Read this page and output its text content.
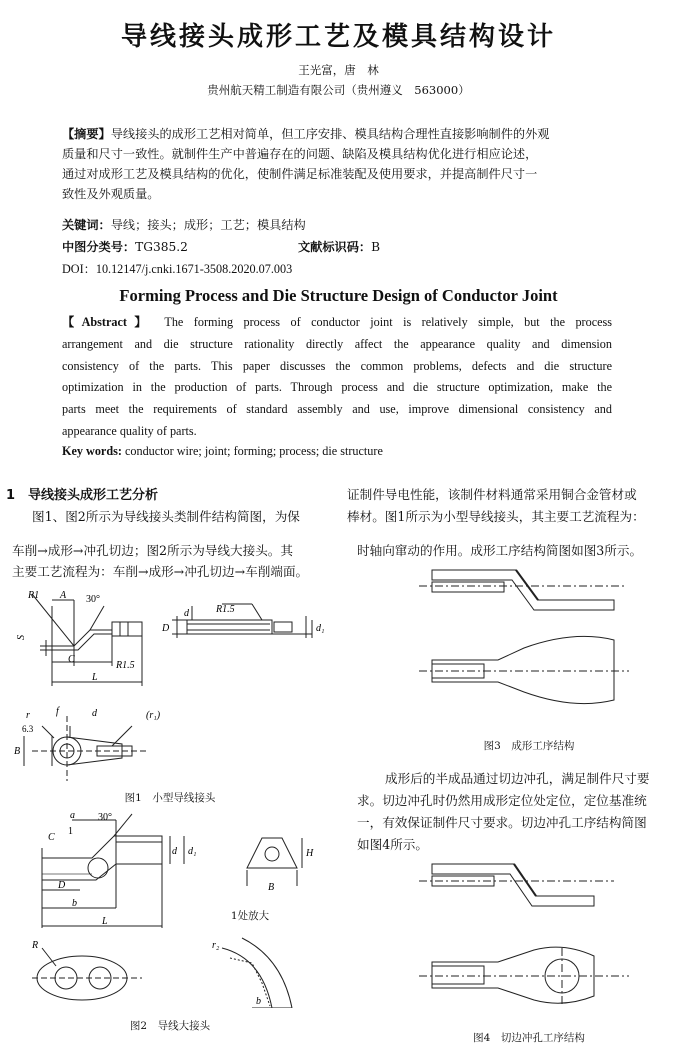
导线接头成形工艺及模具结构设计
王光富，唐　林
贵州航天精工制造有限公司（贵州遵义　563000）
【摘要】导线接头的成形工艺相对简单，但工序安排、模具结构合理性直接影响制件的外观
质量和尺寸一致性。就制件生产中普遍存在的问题、缺陷及模具结构优化进行相应论述，
通过对成形工艺及模具结构的优化，使制件满足标准装配及使用要求，并提高制件尺寸一
致性及外观质量。
关键词：导线；接头；成形；工艺；模具结构
中图分类号：TG385.2	文献标识码：B
DOI：10.12147/j.cnki.1671-3508.2020.07.003
Forming Process and Die Structure Design of Conductor Joint
【Abstract】 The forming process of conductor joint is relatively simple, but the process
arrangement and die structure rationality directly affect the appearance quality and dimension
consistency of the parts. This paper discusses the common problems, defects and die structure
optimization in the production of parts. Through process and die structure optimization, make the
parts meet the requirements of standard assembly and use, improve dimensional consistency and
appearance quality of parts.
Key words: conductor wire; joint; forming; process; die structure
1　导线接头成形工艺分析
图1、图2所示为导线接头类制件结构简图，为保
车削→成形→冲孔切边；图2所示为导线大接头。其
主要工艺流程为：车削→成形→冲孔切边→车削端面。
证制件导电性能，该制件材料通常采用铜合金管材或
棒材。图1所示为小型导线接头，其主要工艺流程为：
时轴向窜动的作用。成形工序结构简图如图3所示。
成形后的半成品通过切边冲孔，满足制件尺寸要
求。切边冲孔时仍然用成形定位处定位，定位基准统
一，有效保证制件尺寸要求。切边冲孔工序结构简图
如图4所示。
R1 A 30°
S
C
R1.5
L
R1.5
D
d
d₁
r	f	d
6.3
(r₁)
B
图1　小型导线接头
a 30°
C
1
d d₁
D
b
L
H
B
R	r₂
b
1处放大
图2　导线大接头
图3　成形工序结构
图4　切边冲孔工序结构
